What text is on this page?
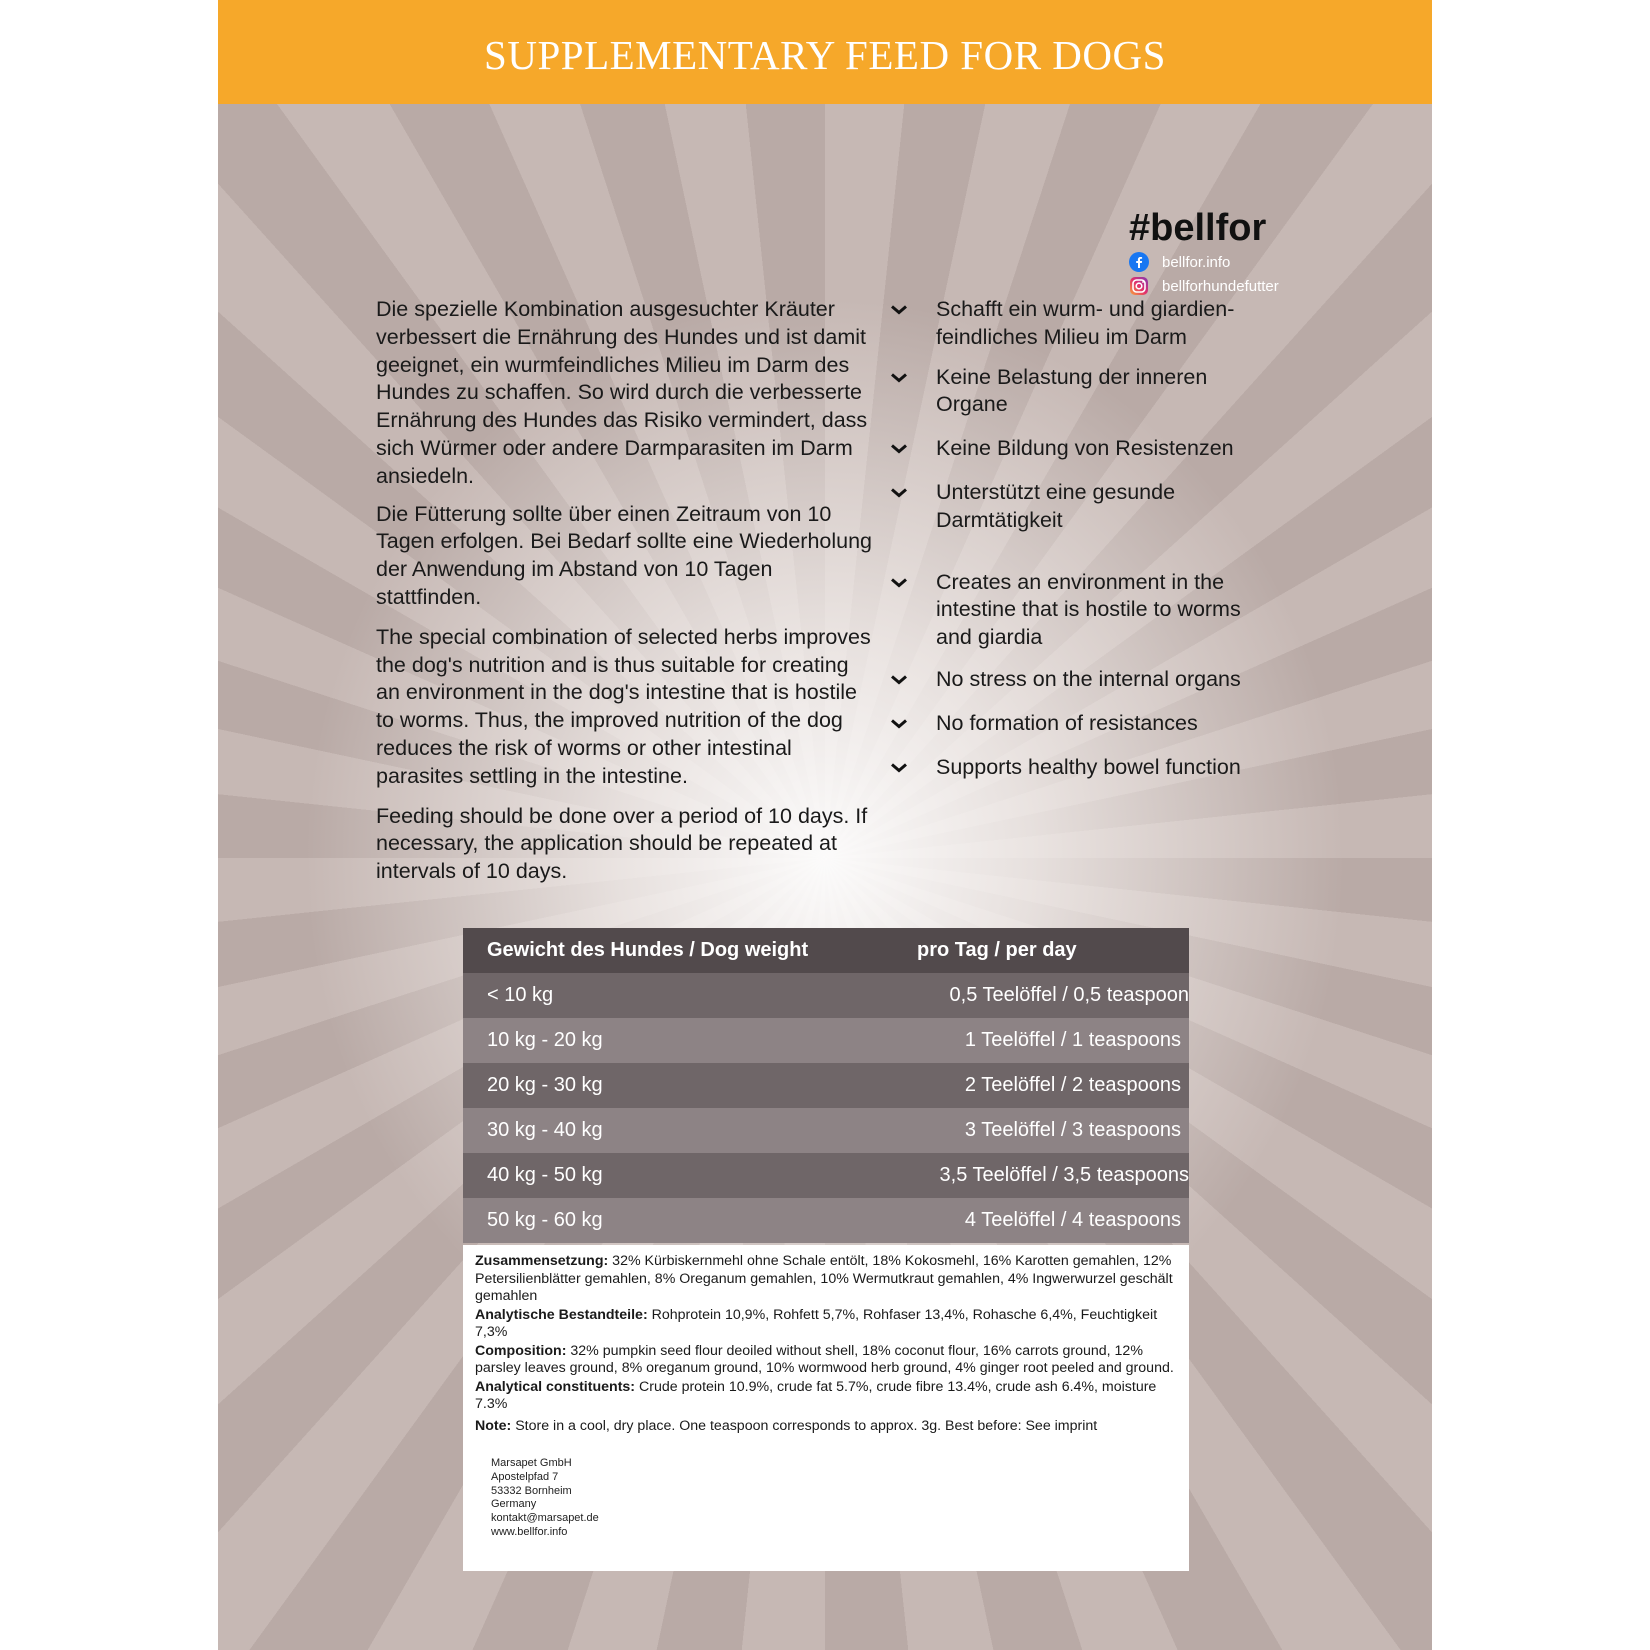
SUPPLEMENTARY FEED FOR DOGS
#bellfor
bellfor.info
bellforhundefutter

Die spezielle Kombination ausgesuchter Kräuter verbessert die Ernährung des Hundes und ist damit geeignet, ein wurmfeindliches Milieu im Darm des Hundes zu schaffen. So wird durch die verbesserte Ernährung des Hundes das Risiko vermindert, dass sich Würmer oder andere Darmparasiten im Darm ansiedeln.

Die Fütterung sollte über einen Zeitraum von 10 Tagen erfolgen. Bei Bedarf sollte eine Wiederholung der Anwendung im Abstand von 10 Tagen stattfinden.

The special combination of selected herbs improves the dog's nutrition and is thus suitable for creating an environment in the dog's intestine that is hostile to worms. Thus, the improved nutrition of the dog reduces the risk of worms or other intestinal parasites settling in the intestine.

Feeding should be done over a period of 10 days. If necessary, the application should be repeated at intervals of 10 days.

Schafft ein wurm- und giardien-feindliches Milieu im Darm
Keine Belastung der inneren Organe
Keine Bildung von Resistenzen
Unterstützt eine gesunde Darmtätigkeit
Creates an environment in the intestine that is hostile to worms and giardia
No stress on the internal organs
No formation of resistances
Supports healthy bowel function
Gewicht des Hundes / Dog weight	pro Tag / per day
< 10 kg	0,5 Teelöffel / 0,5 teaspoon
10 kg - 20 kg	1 Teelöffel / 1 teaspoons
20 kg - 30 kg	2 Teelöffel / 2 teaspoons
30 kg - 40 kg	3 Teelöffel / 3 teaspoons
40 kg - 50 kg	3,5 Teelöffel / 3,5 teaspoons
50 kg - 60 kg	4 Teelöffel / 4 teaspoons

Zusammensetzung: 32% Kürbiskernmehl ohne Schale entölt, 18% Kokosmehl, 16% Karotten gemahlen, 12% Petersilienblätter gemahlen, 8% Oreganum gemahlen, 10% Wermutkraut gemahlen, 4% Ingwerwurzel geschält gemahlen

Analytische Bestandteile: Rohprotein 10,9%, Rohfett 5,7%, Rohfaser 13,4%, Rohasche 6,4%, Feuchtigkeit 7,3%

Composition: 32% pumpkin seed flour deoiled without shell, 18% coconut flour, 16% carrots ground, 12% parsley leaves ground, 8% oreganum ground, 10% wormwood herb ground, 4% ginger root peeled and ground.

Analytical constituents: Crude protein 10.9%, crude fat 5.7%, crude fibre 13.4%, crude ash 6.4%, moisture 7.3%

Note: Store in a cool, dry place. One teaspoon corresponds to approx. 3g. Best before: See imprint

Marsapet GmbH
Apostelpfad 7
53332 Bornheim
Germany
kontakt@marsapet.de
www.bellfor.info
